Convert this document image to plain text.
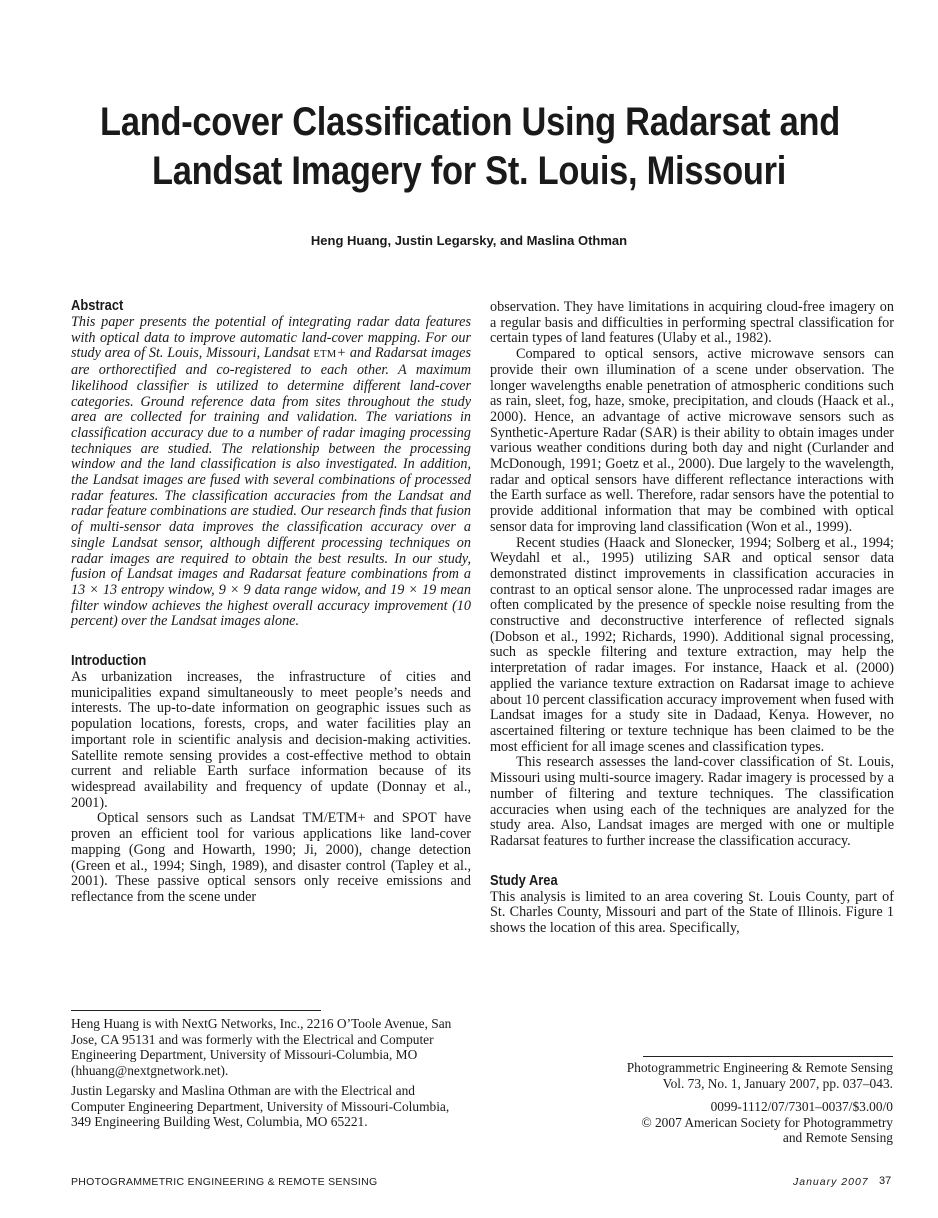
Land-cover Classification Using Radarsat and
Landsat Imagery for St. Louis, Missouri
Heng Huang, Justin Legarsky, and Maslina Othman
Abstract

This paper presents the potential of integrating radar data features with optical data to improve automatic land-cover mapping. For our study area of St. Louis, Missouri, Landsat ETM+ and Radarsat images are orthorectified and co-registered to each other. A maximum likelihood classifier is utilized to determine different land-cover categories. Ground reference data from sites throughout the study area are collected for training and validation. The variations in classification accuracy due to a number of radar imaging processing techniques are studied. The relationship between the processing window and the land classification is also investigated. In addition, the Landsat images are fused with several combinations of processed radar features. The classification accuracies from the Landsat and radar feature combinations are studied. Our research finds that fusion of multi-sensor data improves the classification accuracy over a single Landsat sensor, although different processing techniques on radar images are required to obtain the best results. In our study, fusion of Landsat images and Radarsat feature combinations from a 13 × 13 entropy window, 9 × 9 data range widow, and 19 × 19 mean filter window achieves the highest overall accuracy improvement (10 percent) over the Landsat images alone.

Introduction

As urbanization increases, the infrastructure of cities and municipalities expand simultaneously to meet people’s needs and interests. The up-to-date information on geographic issues such as population locations, forests, crops, and water facilities play an important role in scientific analysis and decision-making activities. Satellite remote sensing provides a cost-effective method to obtain current and reliable Earth surface information because of its widespread availability and frequency of update (Donnay et al., 2001).

Optical sensors such as Landsat TM/ETM+ and SPOT have proven an efficient tool for various applications like land-cover mapping (Gong and Howarth, 1990; Ji, 2000), change detection (Green et al., 1994; Singh, 1989), and disaster control (Tapley et al., 2001). These passive optical sensors only receive emissions and reflectance from the scene under

observation. They have limitations in acquiring cloud-free imagery on a regular basis and difficulties in performing spectral classification for certain types of land features (Ulaby et al., 1982).

Compared to optical sensors, active microwave sensors can provide their own illumination of a scene under observation. The longer wavelengths enable penetration of atmospheric conditions such as rain, sleet, fog, haze, smoke, precipitation, and clouds (Haack et al., 2000). Hence, an advantage of active microwave sensors such as Synthetic-Aperture Radar (SAR) is their ability to obtain images under various weather conditions during both day and night (Curlander and McDonough, 1991; Goetz et al., 2000). Due largely to the wavelength, radar and optical sensors have different reflectance interactions with the Earth surface as well. Therefore, radar sensors have the potential to provide additional information that may be combined with optical sensor data for improving land classification (Won et al., 1999).

Recent studies (Haack and Slonecker, 1994; Solberg et al., 1994; Weydahl et al., 1995) utilizing SAR and optical sensor data demonstrated distinct improvements in classification accuracies in contrast to an optical sensor alone. The unprocessed radar images are often complicated by the presence of speckle noise resulting from the constructive and deconstructive interference of reflected signals (Dobson et al., 1992; Richards, 1990). Additional signal processing, such as speckle filtering and texture extraction, may help the interpretation of radar images. For instance, Haack et al. (2000) applied the variance texture extraction on Radarsat image to achieve about 10 percent classification accuracy improvement when fused with Landsat images for a study site in Dadaad, Kenya. However, no ascertained filtering or texture technique has been claimed to be the most efficient for all image scenes and classification types.

This research assesses the land-cover classification of St. Louis, Missouri using multi-source imagery. Radar imagery is processed by a number of filtering and texture techniques. The classification accuracies when using each of the techniques are analyzed for the study area. Also, Landsat images are merged with one or multiple Radarsat features to further increase the classification accuracy.

Study Area

This analysis is limited to an area covering St. Louis County, part of St. Charles County, Missouri and part of the State of Illinois. Figure 1 shows the location of this area. Specifically,

Heng Huang is with NextG Networks, Inc., 2216 O’Toole Avenue, San Jose, CA 95131 and was formerly with the Electrical and Computer Engineering Department, University of Missouri-Columbia, MO (hhuang@nextgnetwork.net).

Justin Legarsky and Maslina Othman are with the Electrical and Computer Engineering Department, University of Missouri-Columbia, 349 Engineering Building West, Columbia, MO 65221.

Photogrammetric Engineering & Remote Sensing
Vol. 73, No. 1, January 2007, pp. 037–043.
0099-1112/07/7301–0037/$3.00/0
© 2007 American Society for Photogrammetry
and Remote Sensing
PHOTOGRAMMETRIC ENGINEERING & REMOTE SENSING	January 2007 37
